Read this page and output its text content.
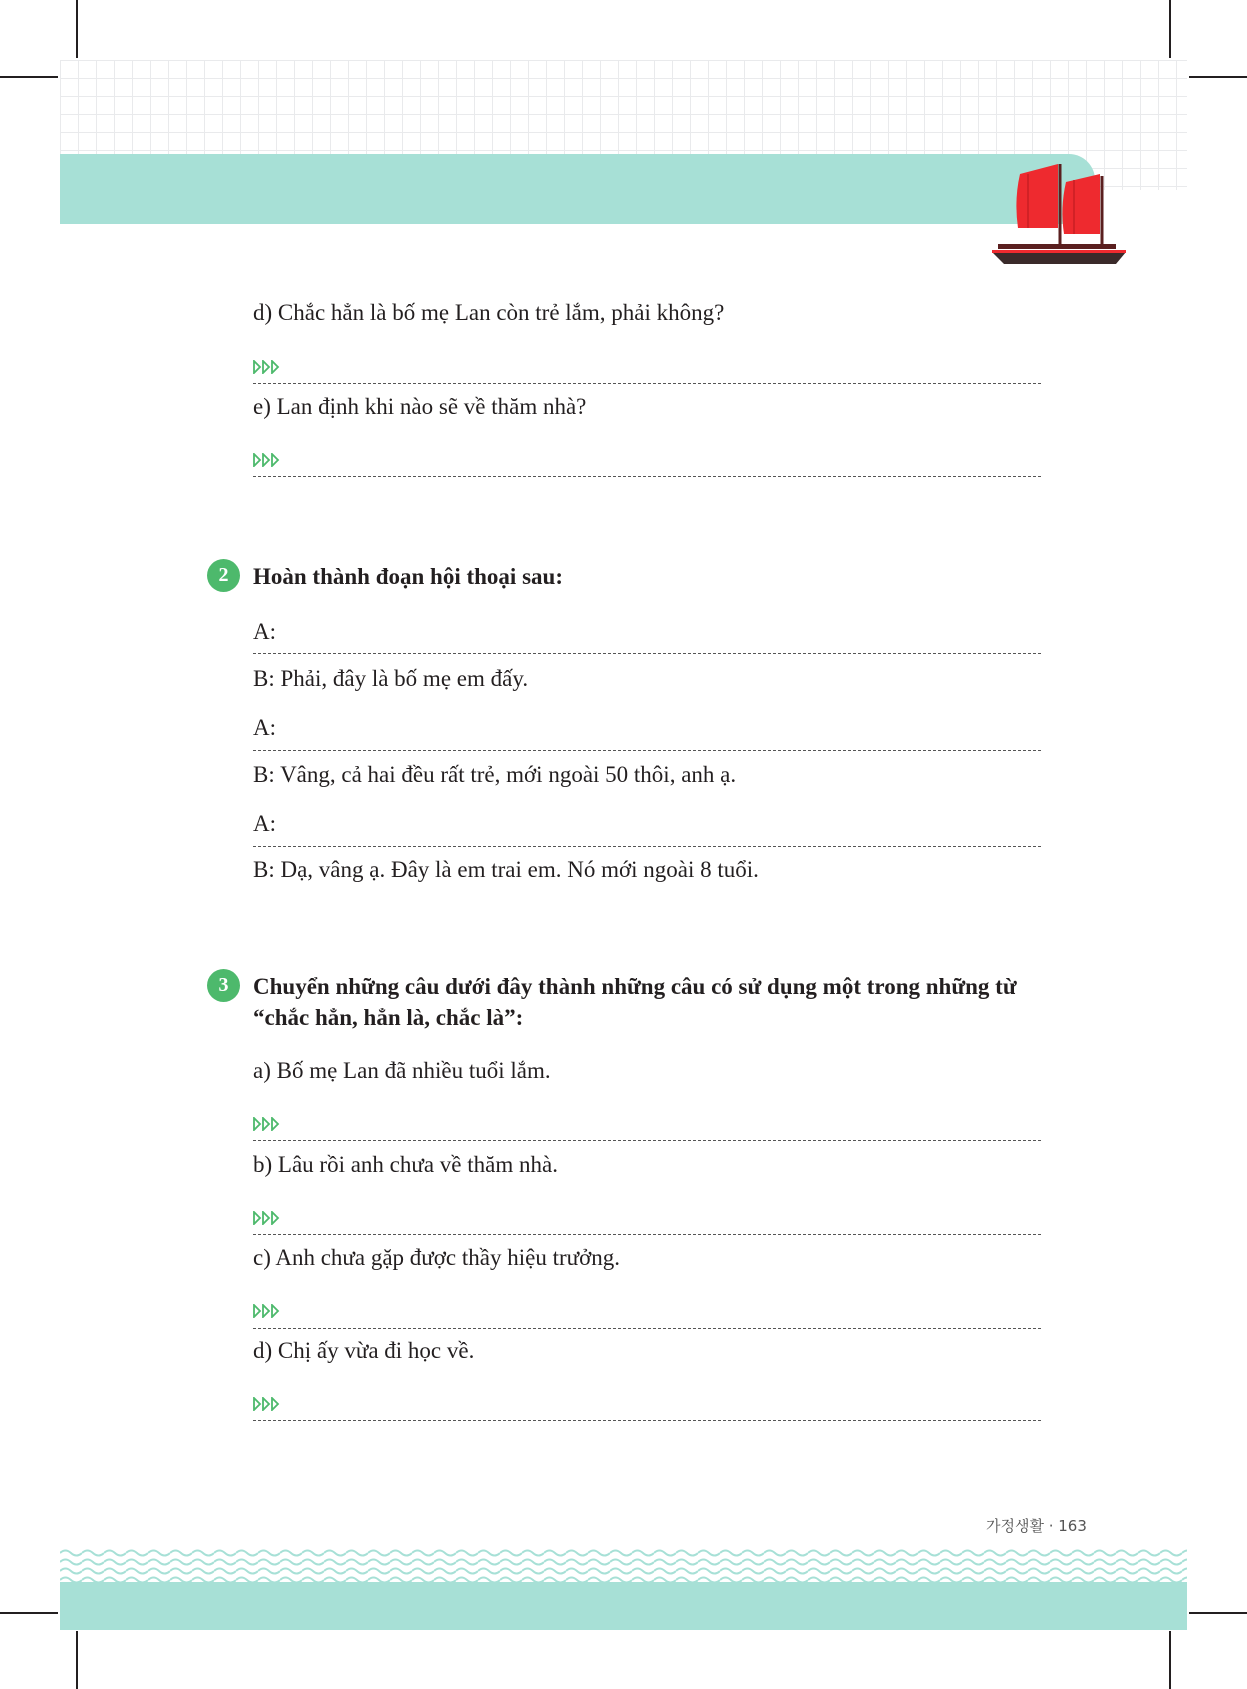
d) Chắc hẳn là bố mẹ Lan còn trẻ lắm, phải không?
e) Lan định khi nào sẽ về thăm nhà?
2	Hoàn thành đoạn hội thoại sau:
A:
B: Phải, đây là bố mẹ em đấy.
A:
B: Vâng, cả hai đều rất trẻ, mới ngoài 50 thôi, anh ạ.
A:
B: Dạ, vâng ạ. Đây là em trai em. Nó mới ngoài 8 tuổi.
3	Chuyển những câu dưới đây thành những câu có sử dụng một trong những từ “chắc hẳn, hẳn là, chắc là”:
a) Bố mẹ Lan đã nhiều tuổi lắm.
b) Lâu rồi anh chưa về thăm nhà.
c) Anh chưa gặp được thầy hiệu trưởng.
d) Chị ấy vừa đi học về.
가정생활 · 163
